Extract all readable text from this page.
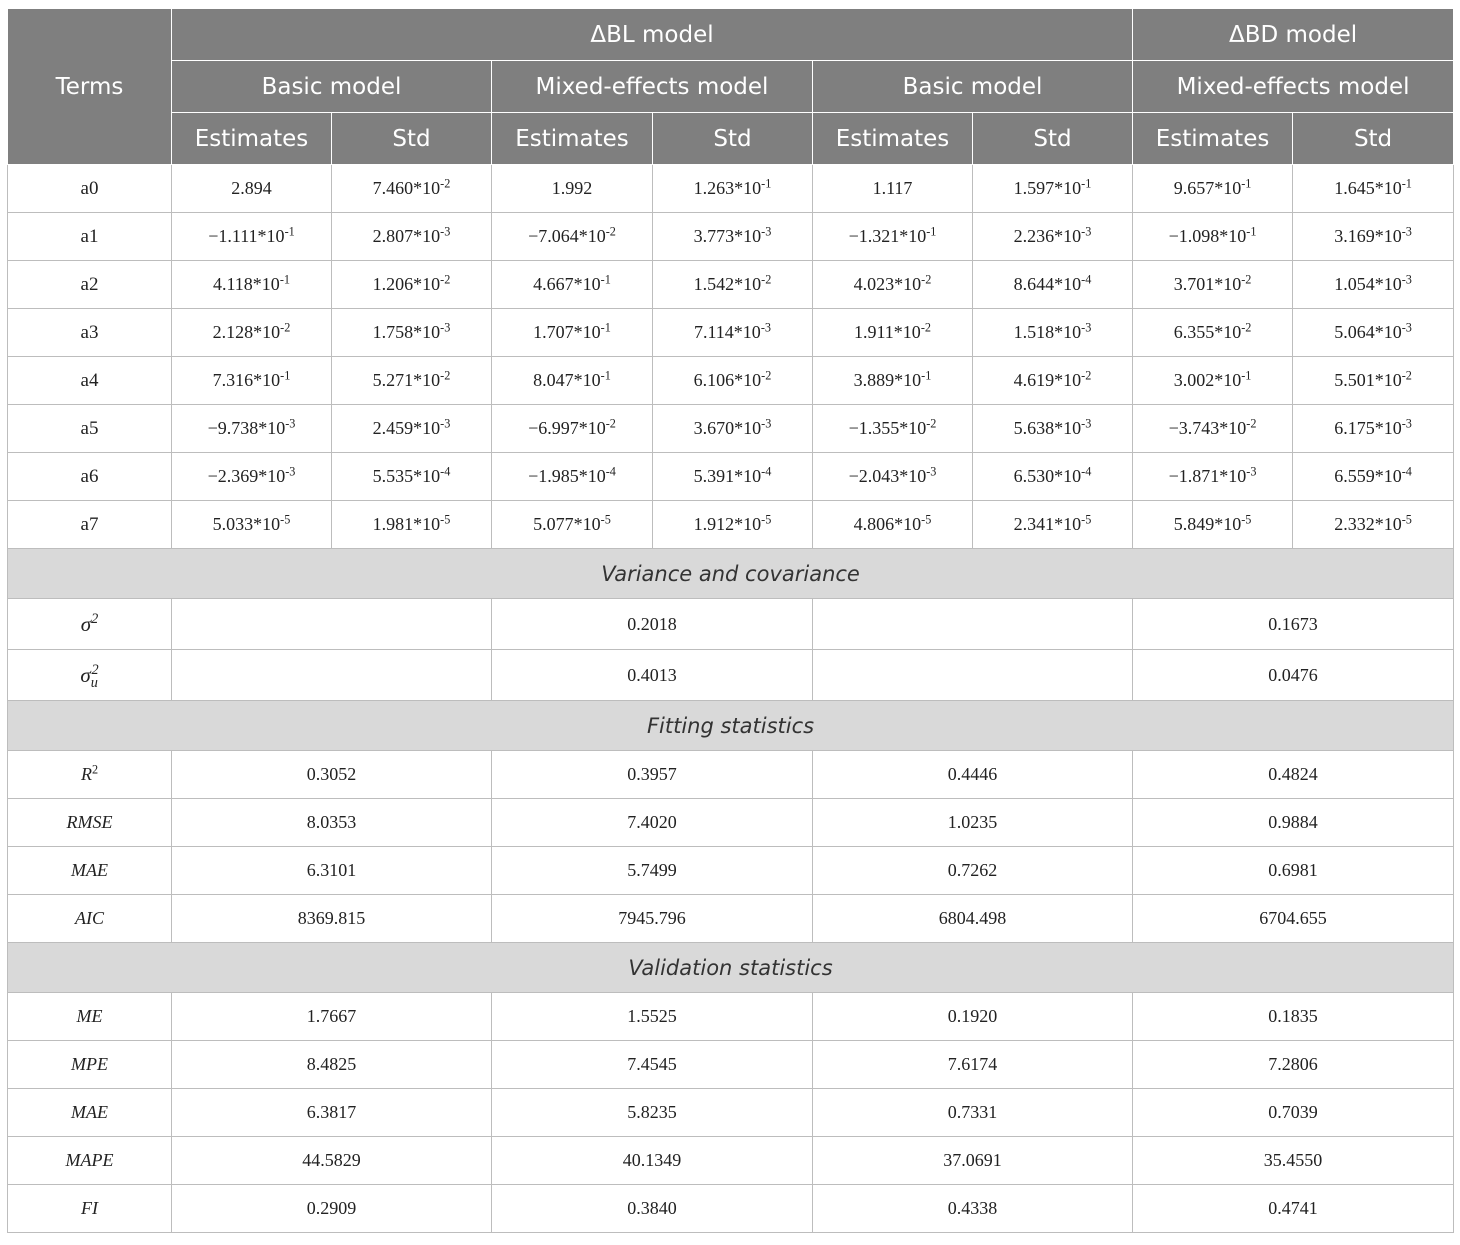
Terms	ΔBL model						ΔBD model	
	Basic model		Mixed-effects model		Basic model		Mixed-effects model	
	Estimates	Std	Estimates	Std	Estimates	Std	Estimates	Std
a0	2.894	$7.460*10^{-2}$	1.992	$1.263*10^{-1}$	1.117	$1.597*10^{-1}$	$9.657*10^{-1}$	$1.645*10^{-1}$
a1	$-1.111*10^{-1}$	$2.807*10^{-3}$	$-7.064*10^{-2}$	$3.773*10^{-3}$	$-1.321*10^{-1}$	$2.236*10^{-3}$	$-1.098*10^{-1}$	$3.169*10^{-3}$
a2	$4.118*10^{-1}$	$1.206*10^{-2}$	$4.667*10^{-1}$	$1.542*10^{-2}$	$4.023*10^{-2}$	$8.644*10^{-4}$	$3.701*10^{-2}$	$1.054*10^{-3}$
a3	$2.128*10^{-2}$	$1.758*10^{-3}$	$1.707*10^{-1}$	$7.114*10^{-3}$	$1.911*10^{-2}$	$1.518*10^{-3}$	$6.355*10^{-2}$	$5.064*10^{-3}$
a4	$7.316*10^{-1}$	$5.271*10^{-2}$	$8.047*10^{-1}$	$6.106*10^{-2}$	$3.889*10^{-1}$	$4.619*10^{-2}$	$3.002*10^{-1}$	$5.501*10^{-2}$
a5	$-9.738*10^{-3}$	$2.459*10^{-3}$	$-6.997*10^{-2}$	$3.670*10^{-3}$	$-1.355*10^{-2}$	$5.638*10^{-3}$	$-3.743*10^{-2}$	$6.175*10^{-3}$
a6	$-2.369*10^{-3}$	$5.535*10^{-4}$	$-1.985*10^{-4}$	$5.391*10^{-4}$	$-2.043*10^{-3}$	$6.530*10^{-4}$	$-1.871*10^{-3}$	$6.559*10^{-4}$
a7	$5.033*10^{-5}$	$1.981*10^{-5}$	$5.077*10^{-5}$	$1.912*10^{-5}$	$4.806*10^{-5}$	$2.341*10^{-5}$	$5.849*10^{-5}$	$2.332*10^{-5}$
Variance and covariance								
$\sigma^2$			0.2018				0.1673	
$\sigma_u^2$			0.4013				0.0476	
Fitting statistics								
$R^2$	0.3052		0.3957		0.4446		0.4824	
RMSE	8.0353		7.4020		1.0235		0.9884	
MAE	6.3101		5.7499		0.7262		0.6981	
AIC	8369.815		7945.796		6804.498		6704.655	
Validation statistics								
ME	1.7667		1.5525		0.1920		0.1835	
MPE	8.4825		7.4545		7.6174		7.2806	
MAE	6.3817		5.8235		0.7331		0.7039	
MAPE	44.5829		40.1349		37.0691		35.4550	
FI	0.2909		0.3840		0.4338		0.4741	
